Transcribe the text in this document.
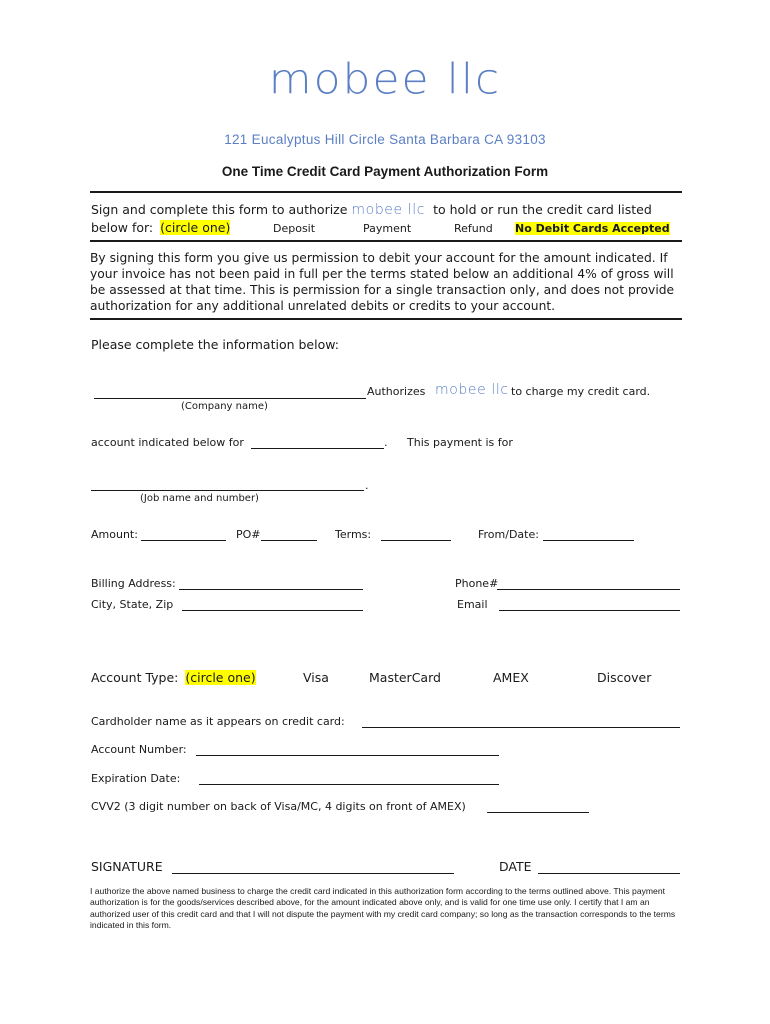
mobee llc
121 Eucalyptus Hill Circle Santa Barbara CA 93103
One Time Credit Card Payment Authorization Form
Sign and complete this form to authorize mobee llc to hold or run the credit card listed
below for: (circle one)	Deposit	Payment	Refund No Debit Cards Accepted
By signing this form you give us permission to debit your account for the amount indicated. If your invoice has not been paid in full per the terms stated below an additional 4% of gross will be assessed at that time. This is permission for a single transaction only, and does not provide authorization for any additional unrelated debits or credits to your account.
Please complete the information below:
Authorizes mobee llc to charge my credit card.
(Company name)
account indicated below for	. This payment is for
.
(Job name and number)
Amount:	PO#	Terms:	From/Date:
Billing Address:	Phone#
City, State, Zip	Email
Account Type: (circle one)	Visa	MasterCard	AMEX	Discover
Cardholder name as it appears on credit card:
Account Number:
Expiration Date:
CVV2 (3 digit number on back of Visa/MC, 4 digits on front of AMEX)
SIGNATURE	DATE
I authorize the above named business to charge the credit card indicated in this authorization form according to the terms outlined above. This payment authorization is for the goods/services described above, for the amount indicated above only, and is valid for one time use only. I certify that I am an authorized user of this credit card and that I will not dispute the payment with my credit card company; so long as the transaction corresponds to the terms indicated in this form.
